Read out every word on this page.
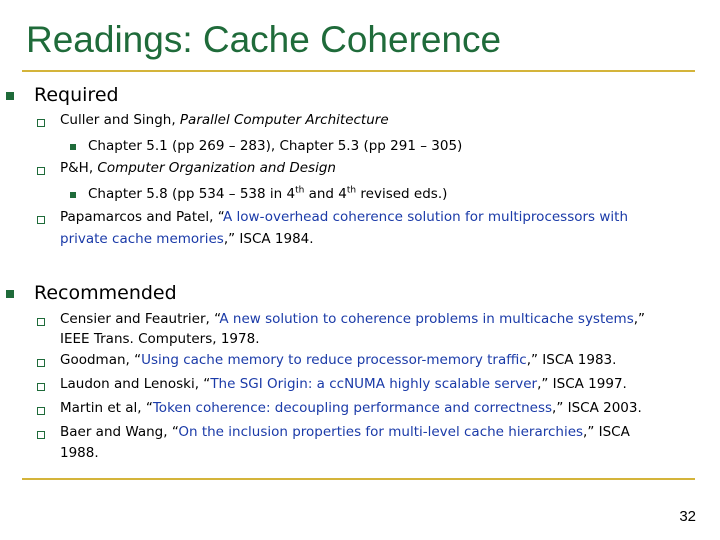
Readings: Cache Coherence
Required
Culler and Singh, Parallel Computer Architecture
Chapter 5.1 (pp 269 – 283), Chapter 5.3 (pp 291 – 305)
P&H, Computer Organization and Design
Chapter 5.8 (pp 534 – 538 in 4th and 4th revised eds.)
Papamarcos and Patel, “A low-overhead coherence solution for multiprocessors with
private cache memories,” ISCA 1984.
Recommended
Censier and Feautrier, “A new solution to coherence problems in multicache systems,”
IEEE Trans. Computers, 1978.
Goodman, “Using cache memory to reduce processor-memory traffic,” ISCA 1983.
Laudon and Lenoski, “The SGI Origin: a ccNUMA highly scalable server,” ISCA 1997.
Martin et al, “Token coherence: decoupling performance and correctness,” ISCA 2003.
Baer and Wang, “On the inclusion properties for multi-level cache hierarchies,” ISCA
1988.
32
